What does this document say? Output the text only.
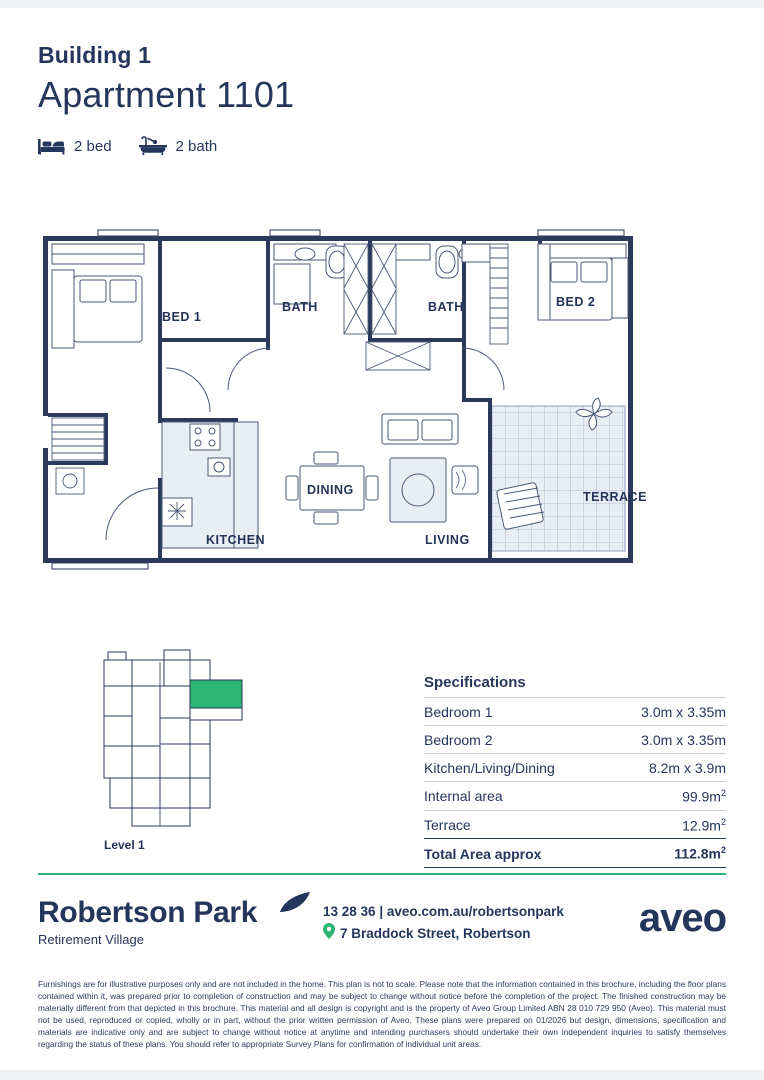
Building 1
Apartment 1101
2 bed	2 bath
BED 1
BATH	BATH	BED 2
DINING
KITCHEN	LIVING
TERRACE
Level 1
Specifications
Bedroom 1	3.0m x 3.35m
Bedroom 2	3.0m x 3.35m
Kitchen/Living/Dining	8.2m x 3.9m
Internal area	$99.9m^2$
Terrace	$12.9m^2$
Total Area approx	$112.8m^2$
Robertson Park
Retirement Village
13 28 36 | aveo.com.au/robertsonpark
7 Braddock Street, Robertson	aveo
Furnishings are for illustrative purposes only and are not included in the home. This plan is not to scale. Please note that the information contained in this brochure, including the floor plans contained within it, was prepared prior to completion of construction and may be subject to change without notice before the completion of the project. The finished construction may be materially different from that depicted in this brochure. This material and all design is copyright and is the property of Aveo Group Limited ABN 28 010 729 950 (Aveo). This material must not be used, reproduced or copied, wholly or in part, without the prior written permission of Aveo. These plans were prepared on 01/2026 but design, dimensions, specification and materials are indicative only and are subject to change without notice at anytime and intending purchasers should undertake their own independent inquiries to satisfy themselves regarding the status of these plans. You should refer to appropriate Survey Plans for confirmation of individual unit areas.
